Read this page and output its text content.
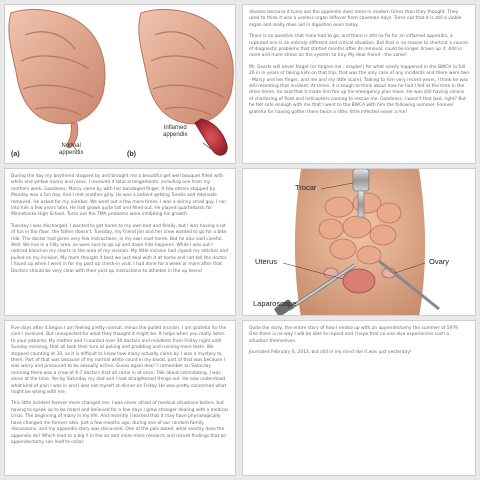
(a)
Normal
appendix	(b)
Inflamed
appendix

disease because it turns out the appendix does more in modern times than they thought. They used to think it was a useless organ leftover from caveman days. Turns out that it is still a viable organ and really does aid in digestion even today.

There is no question that mine had to go, and there is still no fix for an inflamed appendix, a ruptured one is an entirely different and critical situation. But that is no reason to shortcut a course of diagnostic problems that started months after its removal, could be longer drawn up it. Add in more and more stress on the system so tiny. My dear friend - the same!

Mr. Goerts will never forget (or forgive me - maybe!) for what nearly happened in the BWCA (a full 26 in in years of taking kids on that trip, that was the only case of any incidents and there were two - Marcy and her finger, and me and my little scare). Talking to him very recent years, I think he was still resenting that incident. At times, it is tough to think about how he had I felt at the time in the drive home, he said that it made him fire up his emergency plan more. He was still having visions of chartering of float and helicopters coming to rescue me. Goodness, I wasn't that bad, right? But he felt safe enough with me that I went to the BWCA with him the following summer. Forever grateful for having gotten there twice a little, little infected never a me!

During the day my boyfriend stopped by and brought me a beautiful get well bouquet filled with white and yellow mums and roses. I received 4 total arrangements, including one from my mothers work. Goodness, Marcy came by with her bandaged finger. A few others stopped by. Monday was a fun day. And I met another girly. He was a patient getting Tonsils and Adenoids removed. He asked for my number. We went out a few more times. I was a skinny small guy. I ran into him a few years later. He had grown quite tall and filled out. He played quarterback for Minnetonka High School. Turns out the TMA problems were inhibiting his growth.

Tuesday I was discharged. I wanted to get home to my own bed and finally, but I was having a lot of fun in the floor, the father doesn't. Tuesday, my friend Jim and her crew wanted to go for a bike ride. The doctor had given very few instructions, in my own road home. But he also said careful. Well, We live in a hilly area, so were sure to go up and down hills happens. While I was out I noticed blood on my shorts in the area of my incision. My little incision had ripped my stitches and pulled on my incision. My mom thought it best we just deal with it at home and not tell the doctor. I found up when I went in for my post op check-in visit. I had done for a week or more after that. Doctors should be very clear with their post op instructions to athletes in the up teens!

Trocar
Uterus	Ovary
Laparoscope

Five days after it began I am feeling pretty normal, minus the pulled incision. I am grateful for the care I received. But unexpected for what they thought it might be. It helps when you really listen to your patients. My mother and I counted over 30 doctors and residents from Friday night until Sunday morning, that all took their turn at poking and prodding and running more tests. We stopped counting at 30, so it is difficult to know how many actually came by. I was a mystery to them. Part of that was because of my normal white count in my blood, part of that was because I was worry and pressured to be sexually active. Guess again dear! I remember on Saturday morning there was a crew of 4-7 doctors that all came in at once. Talk about intimidating. I was alone at the time. Yes by Saturday my dad and I had straightened things out. He now understood what kind of pain I was in and I was not myself at dinner on Friday. He was pretty concerned what might be wrong with me.

This little incident forever more changed me. I was never afraid of medical situations before, but having to speak up to be heard and believed for a few days I grew stronger dealing with a medical crisis. The beginning of many in my life. And recently I learned that it may have physiologically have changed me forever also. Just a few months ago, during one of our random family discussions, and my appendix story was discussed. One of the pals asked, what exactly does the appendix do? Which lead to a big Y in the air and more more research and recent findings that an appendectomy can lead to celiac

Quite the story, the entire story of how I ended up with an appendectomy the summer of 1979. One there is no way I will be able to repeat and I hope that no one else experiences such a situation themselves.

Journaled February 6, 2013, but still in my mind like it was just yesterday!
